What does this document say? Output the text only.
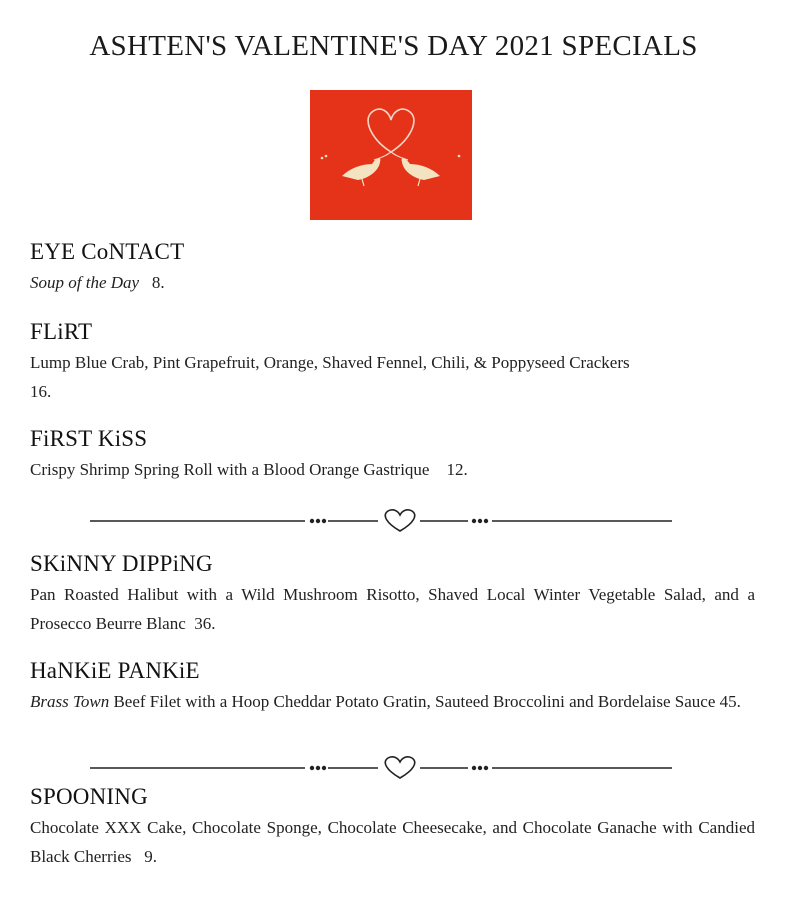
ASHTEN'S VALENTINE'S DAY 2021 SPECIALS
EYE CoNTACT
Soup of the Day 8.
FLiRT
Lump Blue Crab, Pint Grapefruit, Orange, Shaved Fennel, Chili, & Poppyseed Crackers
16.
FiRST KiSS
Crispy Shrimp Spring Roll with a Blood Orange Gastrique 12.
SKiNNY DIPPiNG
Pan Roasted Halibut with a Wild Mushroom Risotto, Shaved Local Winter Vegetable Salad, and a Prosecco Beurre Blanc 36.
HaNKiE PANKiE
Brass Town Beef Filet with a Hoop Cheddar Potato Gratin, Sauteed Broccolini and Bordelaise Sauce 45.
SPOONING
Chocolate XXX Cake, Chocolate Sponge, Chocolate Cheesecake, and Chocolate Ganache with Candied Black Cherries 9.
